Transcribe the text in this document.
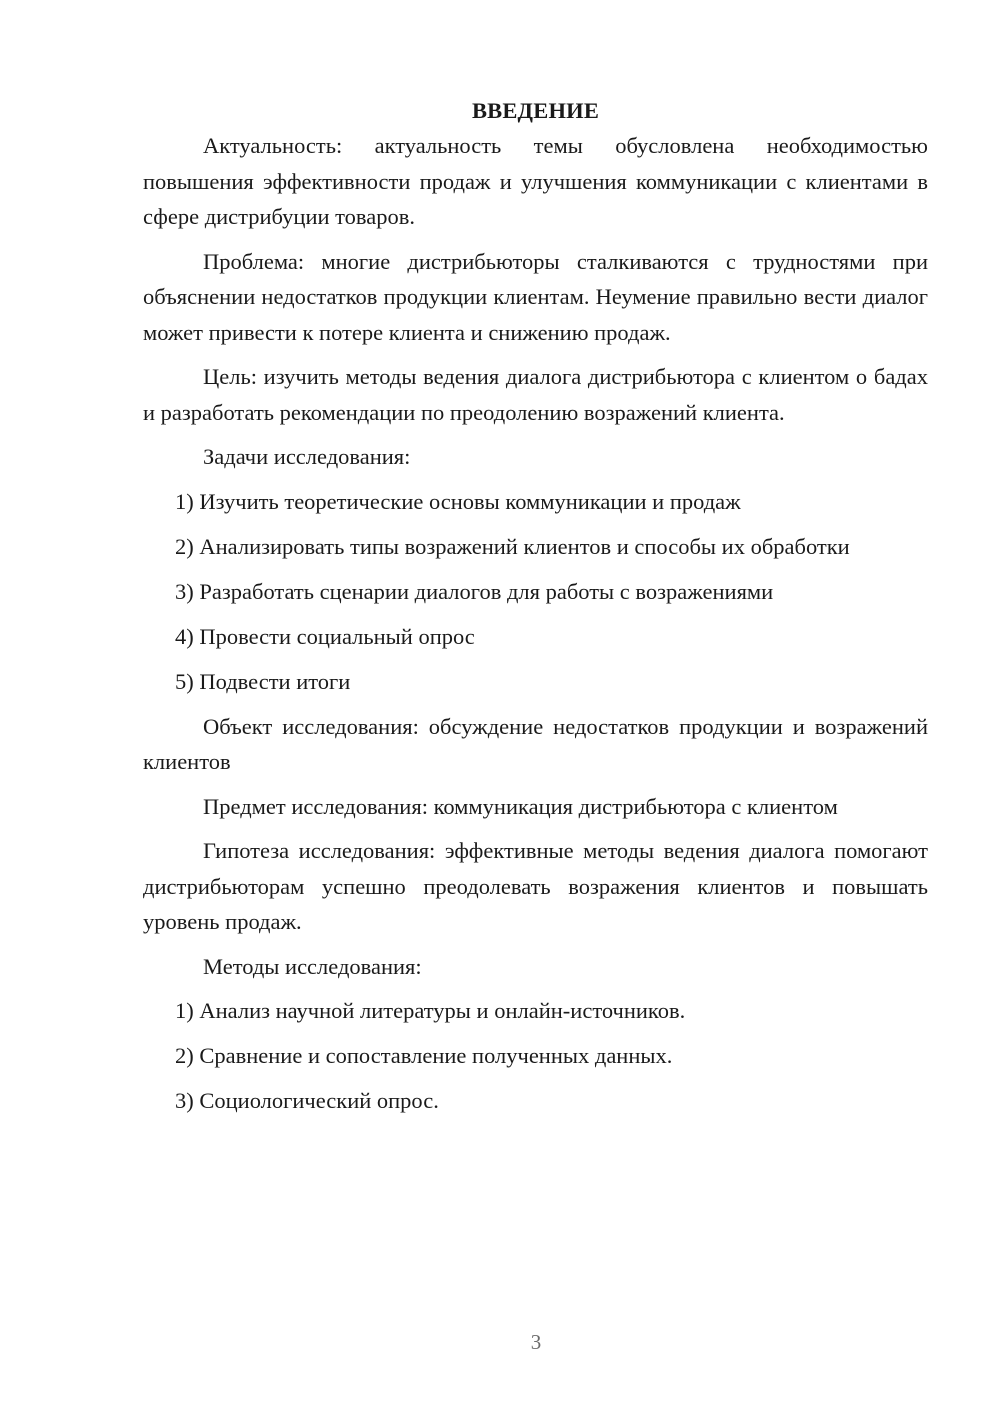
ВВЕДЕНИЕ

Актуальность: актуальность темы обусловлена необходимостью повышения эффективности продаж и улучшения коммуникации с клиентами в сфере дистрибуции товаров.

Проблема: многие дистрибьюторы сталкиваются с трудностями при объяснении недостатков продукции клиентам. Неумение правильно вести диалог может привести к потере клиента и снижению продаж.

Цель: изучить методы ведения диалога дистрибьютора с клиентом о бадах и разработать рекомендации по преодолению возражений клиента.

Задачи исследования:

1) Изучить теоретические основы коммуникации и продаж
2) Анализировать типы возражений клиентов и способы их обработки
3) Разработать сценарии диалогов для работы с возражениями
4) Провести социальный опрос
5) Подвести итоги

Объект исследования: обсуждение недостатков продукции и возражений клиентов

Предмет исследования: коммуникация дистрибьютора с клиентом

Гипотеза исследования: эффективные методы ведения диалога помогают дистрибьюторам успешно преодолевать возражения клиентов и повышать уровень продаж.

Методы исследования:

1) Анализ научной литературы и онлайн-источников.
2) Сравнение и сопоставление полученных данных.
3) Социологический опрос.
3
